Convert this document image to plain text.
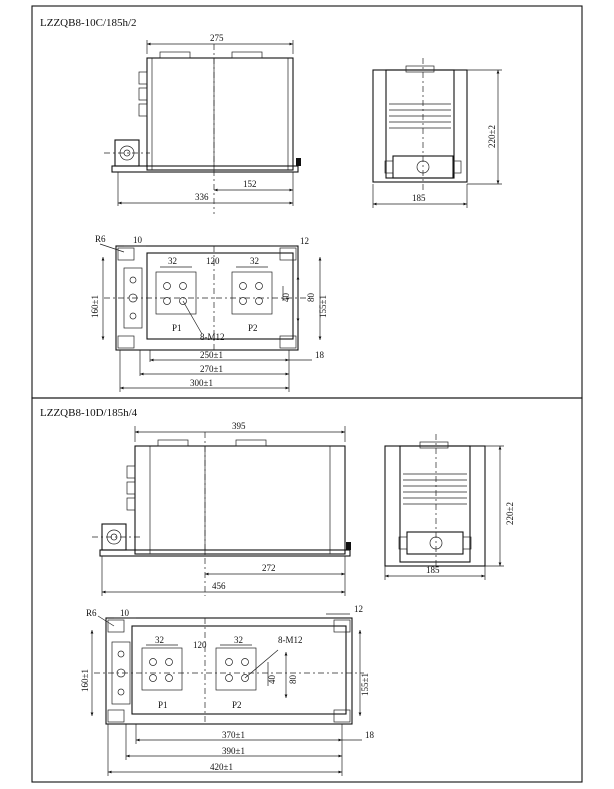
LZZQB8-10C/185h/2
275
152
336
220±2
185
160±1
R6	10	12
32	120	32
40 80 155±1
P1	P2
8-M12
250±1	18
270±1
300±1
LZZQB8-10D/185h/4
395
272
456
220±2
185
160±1
R6	10	12
32	120	32	8-M12
40 80	155±1
P1	P2
370±1	18
390±1
420±1
